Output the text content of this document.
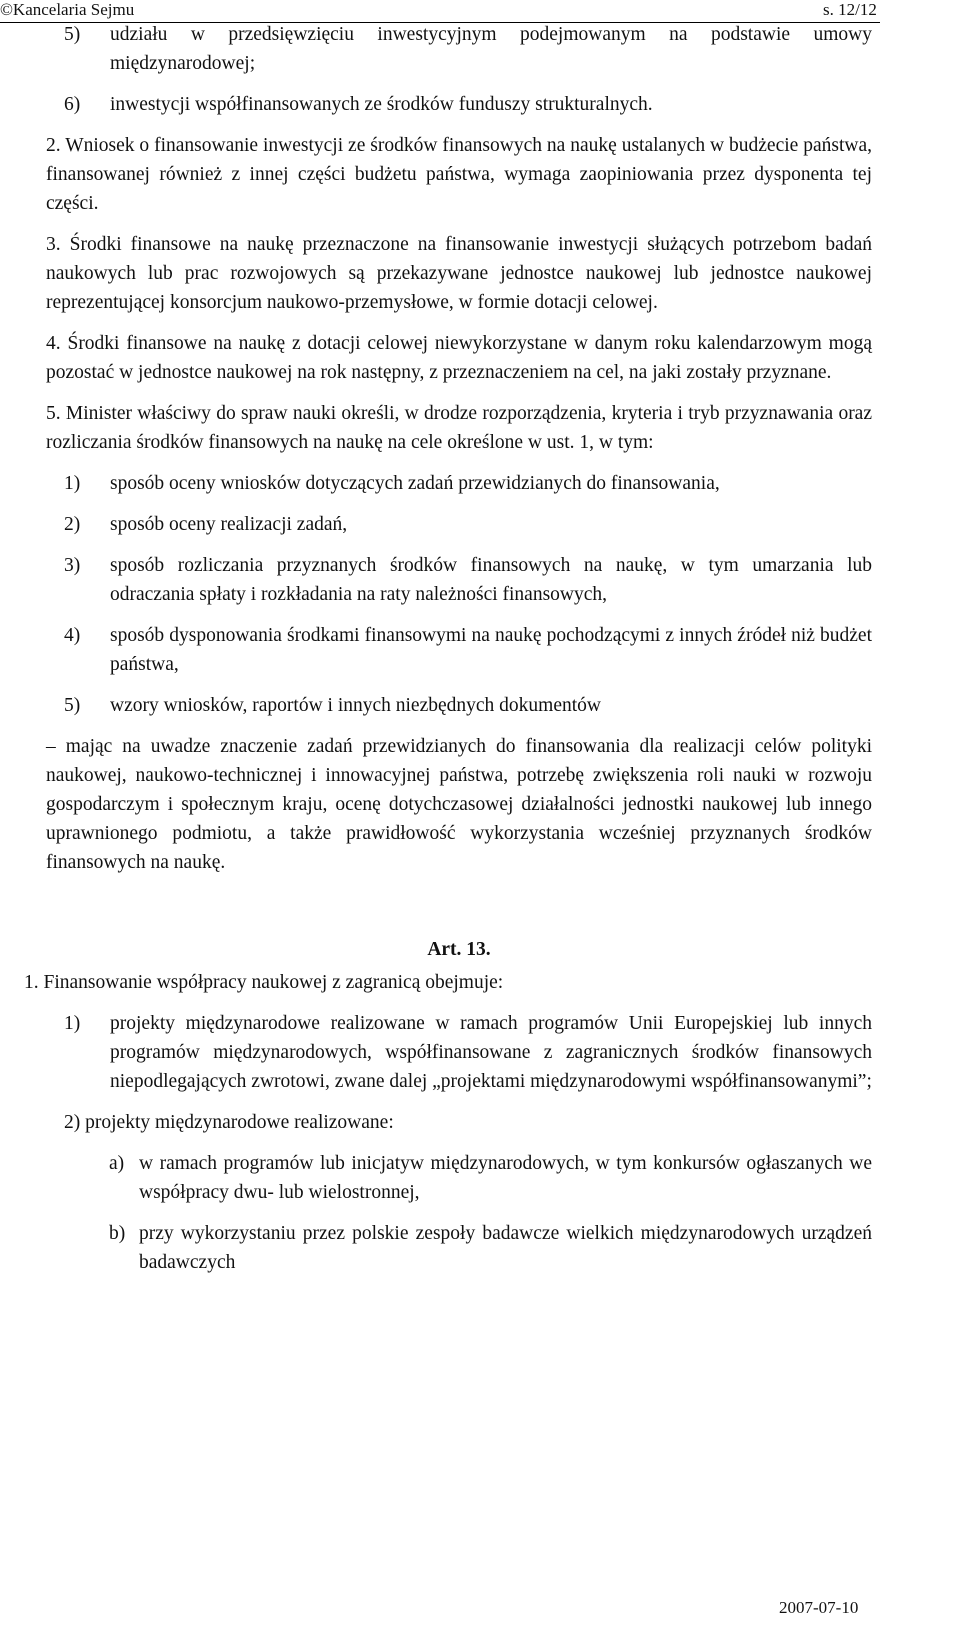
©Kancelaria Sejmu	s. 12/12
5) udziału w przedsięwzięciu inwestycyjnym podejmowanym na podstawie umowy międzynarodowej;
6) inwestycji współfinansowanych ze środków funduszy strukturalnych.

2. Wniosek o finansowanie inwestycji ze środków finansowych na naukę ustalanych w budżecie państwa, finansowanej również z innej części budżetu państwa, wymaga zaopiniowania przez dysponenta tej części.

3. Środki finansowe na naukę przeznaczone na finansowanie inwestycji służących potrzebom badań naukowych lub prac rozwojowych są przekazywane jednostce naukowej lub jednostce naukowej reprezentującej konsorcjum naukowo-przemysłowe, w formie dotacji celowej.

4. Środki finansowe na naukę z dotacji celowej niewykorzystane w danym roku kalendarzowym mogą pozostać w jednostce naukowej na rok następny, z przeznaczeniem na cel, na jaki zostały przyznane.

5. Minister właściwy do spraw nauki określi, w drodze rozporządzenia, kryteria i tryb przyznawania oraz rozliczania środków finansowych na naukę na cele określone w ust. 1, w tym:

1) sposób oceny wniosków dotyczących zadań przewidzianych do finansowania,
2) sposób oceny realizacji zadań,
3) sposób rozliczania przyznanych środków finansowych na naukę, w tym umarzania lub odraczania spłaty i rozkładania na raty należności finansowych,
4) sposób dysponowania środkami finansowymi na naukę pochodzącymi z innych źródeł niż budżet państwa,
5) wzory wniosków, raportów i innych niezbędnych dokumentów

– mając na uwadze znaczenie zadań przewidzianych do finansowania dla realizacji celów polityki naukowej, naukowo-technicznej i innowacyjnej państwa, potrzebę zwiększenia roli nauki w rozwoju gospodarczym i społecznym kraju, ocenę dotychczasowej działalności jednostki naukowej lub innego uprawnionego podmiotu, a także prawidłowość wykorzystania wcześniej przyznanych środków finansowych na naukę.

Art. 13.

1. Finansowanie współpracy naukowej z zagranicą obejmuje:

1) projekty międzynarodowe realizowane w ramach programów Unii Europejskiej lub innych programów międzynarodowych, współfinansowane z zagranicznych środków finansowych niepodlegających zwrotowi, zwane dalej „projektami międzynarodowymi współfinansowanymi”;
2) projekty międzynarodowe realizowane:
a) w ramach programów lub inicjatyw międzynarodowych, w tym konkursów ogłaszanych we współpracy dwu- lub wielostronnej,
b) przy wykorzystaniu przez polskie zespoły badawcze wielkich międzynarodowych urządzeń badawczych
2007-07-10
